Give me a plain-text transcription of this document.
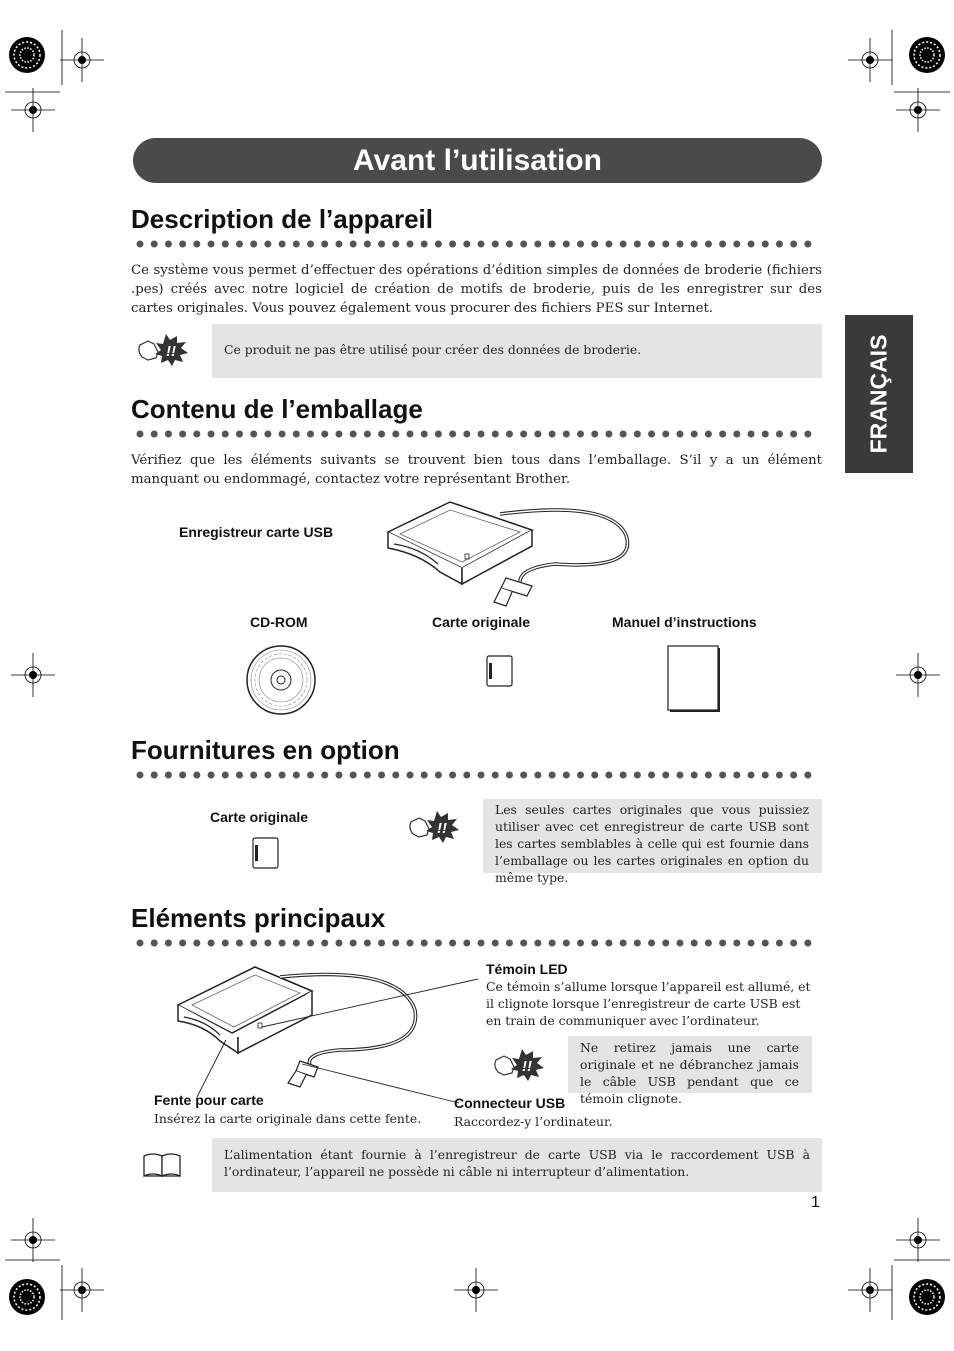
Avant l’utilisation
FRANÇAIS
Description de l’appareil
Ce système vous permet d’effectuer des opérations d’édition simples de données de broderie (fichiers .pes) créés avec notre logiciel de création de motifs de broderie, puis de les enregistrer sur des cartes originales. Vous pouvez également vous procurer des fichiers PES sur Internet.
!!	Ce produit ne pas être utilisé pour créer des données de broderie.
Contenu de l’emballage
Vérifiez que les éléments suivants se trouvent bien tous dans l’emballage. S’il y a un élément manquant ou endommagé, contactez votre représentant Brother.
Enregistreur carte USB
CD-ROM	Carte originale	Manuel d’instructions
Fournitures en option
Carte originale
!!
Les seules cartes originales que vous puissiez utiliser avec cet enregistreur de carte USB sont les cartes semblables à celle qui est fournie dans l’emballage ou les cartes originales en option du même type.
Eléments principaux
Témoin LED
Ce témoin s’allume lorsque l’appareil est allumé, et il clignote lorsque l’enregistreur de carte USB est en train de communiquer avec l’ordinateur.
!!
Ne retirez jamais une carte originale et ne débranchez jamais le câble USB pendant que ce témoin clignote.
Fente pour carte
Insérez la carte originale dans cette fente.
Connecteur USB
Raccordez-y l’ordinateur.
L’alimentation étant fournie à l’enregistreur de carte USB via le raccordement USB à l’ordinateur, l’appareil ne possède ni câble ni interrupteur d’alimentation.
1
